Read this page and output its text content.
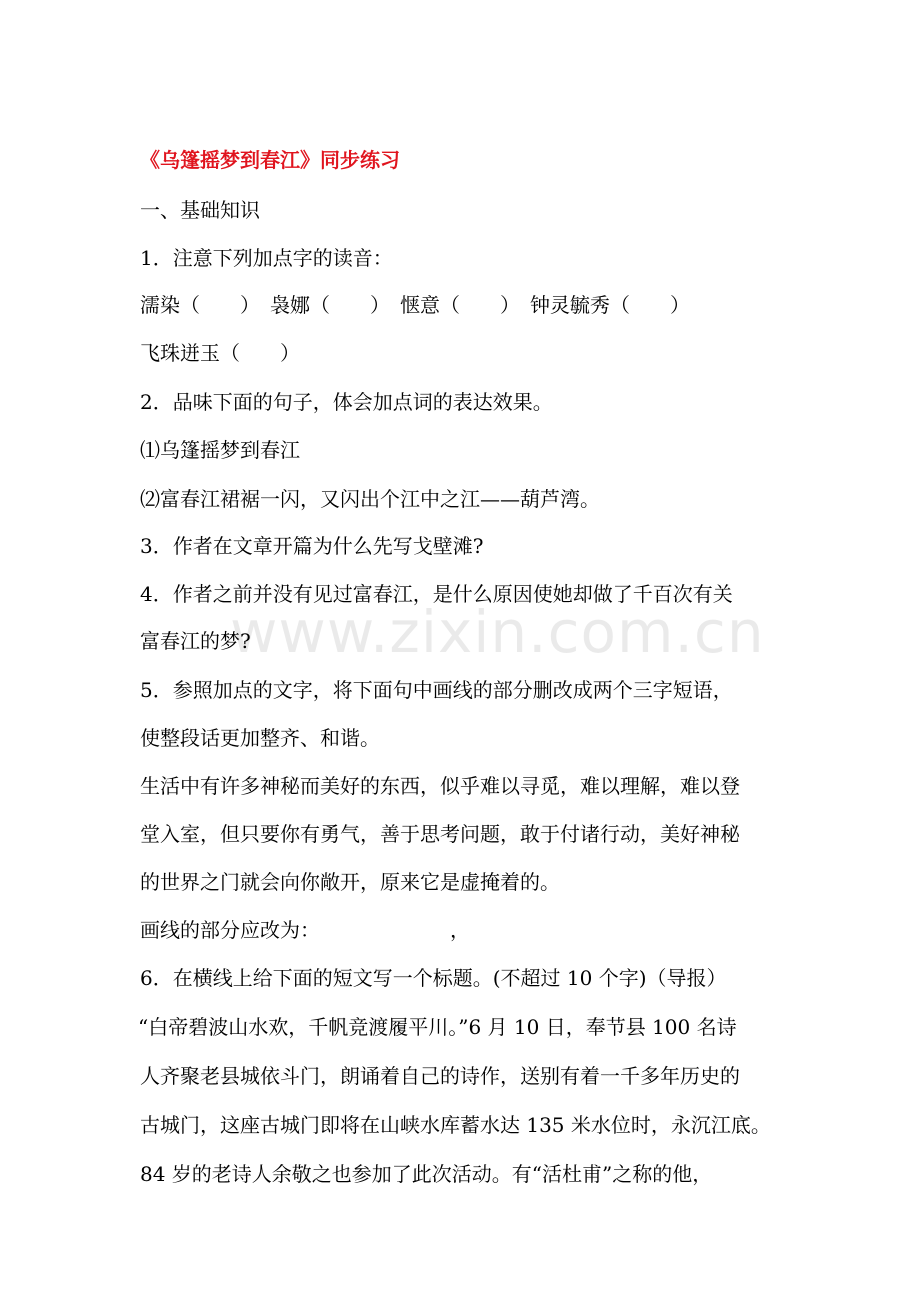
www.zixin.com.cn
《乌篷摇梦到春江》同步练习
一、基础知识
1．注意下列加点字的读音：
濡染（　　）　袅娜（　　）　惬意（　　）　钟灵毓秀（　　）
飞珠迸玉（　　）
2．品味下面的句子，体会加点词的表达效果。
⑴乌篷摇梦到春江
⑵富春江裙裾一闪，又闪出个江中之江——葫芦湾。
3．作者在文章开篇为什么先写戈壁滩?
4．作者之前并没有见过富春江，是什么原因使她却做了千百次有关
富春江的梦?
5．参照加点的文字，将下面句中画线的部分删改成两个三字短语，
使整段话更加整齐、和谐。
生活中有许多神秘而美好的东西，似乎难以寻觅，难以理解，难以登
堂入室，但只要你有勇气，善于思考问题，敢于付诸行动，美好神秘
的世界之门就会向你敞开，原来它是虚掩着的。
画线的部分应改为：　　　　　　　，
6．在横线上给下面的短文写一个标题。(不超过 10 个字)（导报）
“白帝碧波山水欢，千帆竞渡履平川。”6 月 10 日，奉节县 100 名诗
人齐聚老县城依斗门，朗诵着自己的诗作，送别有着一千多年历史的
古城门，这座古城门即将在山峡水库蓄水达 135 米水位时，永沉江底。
84 岁的老诗人余敬之也参加了此次活动。有“活杜甫”之称的他，
